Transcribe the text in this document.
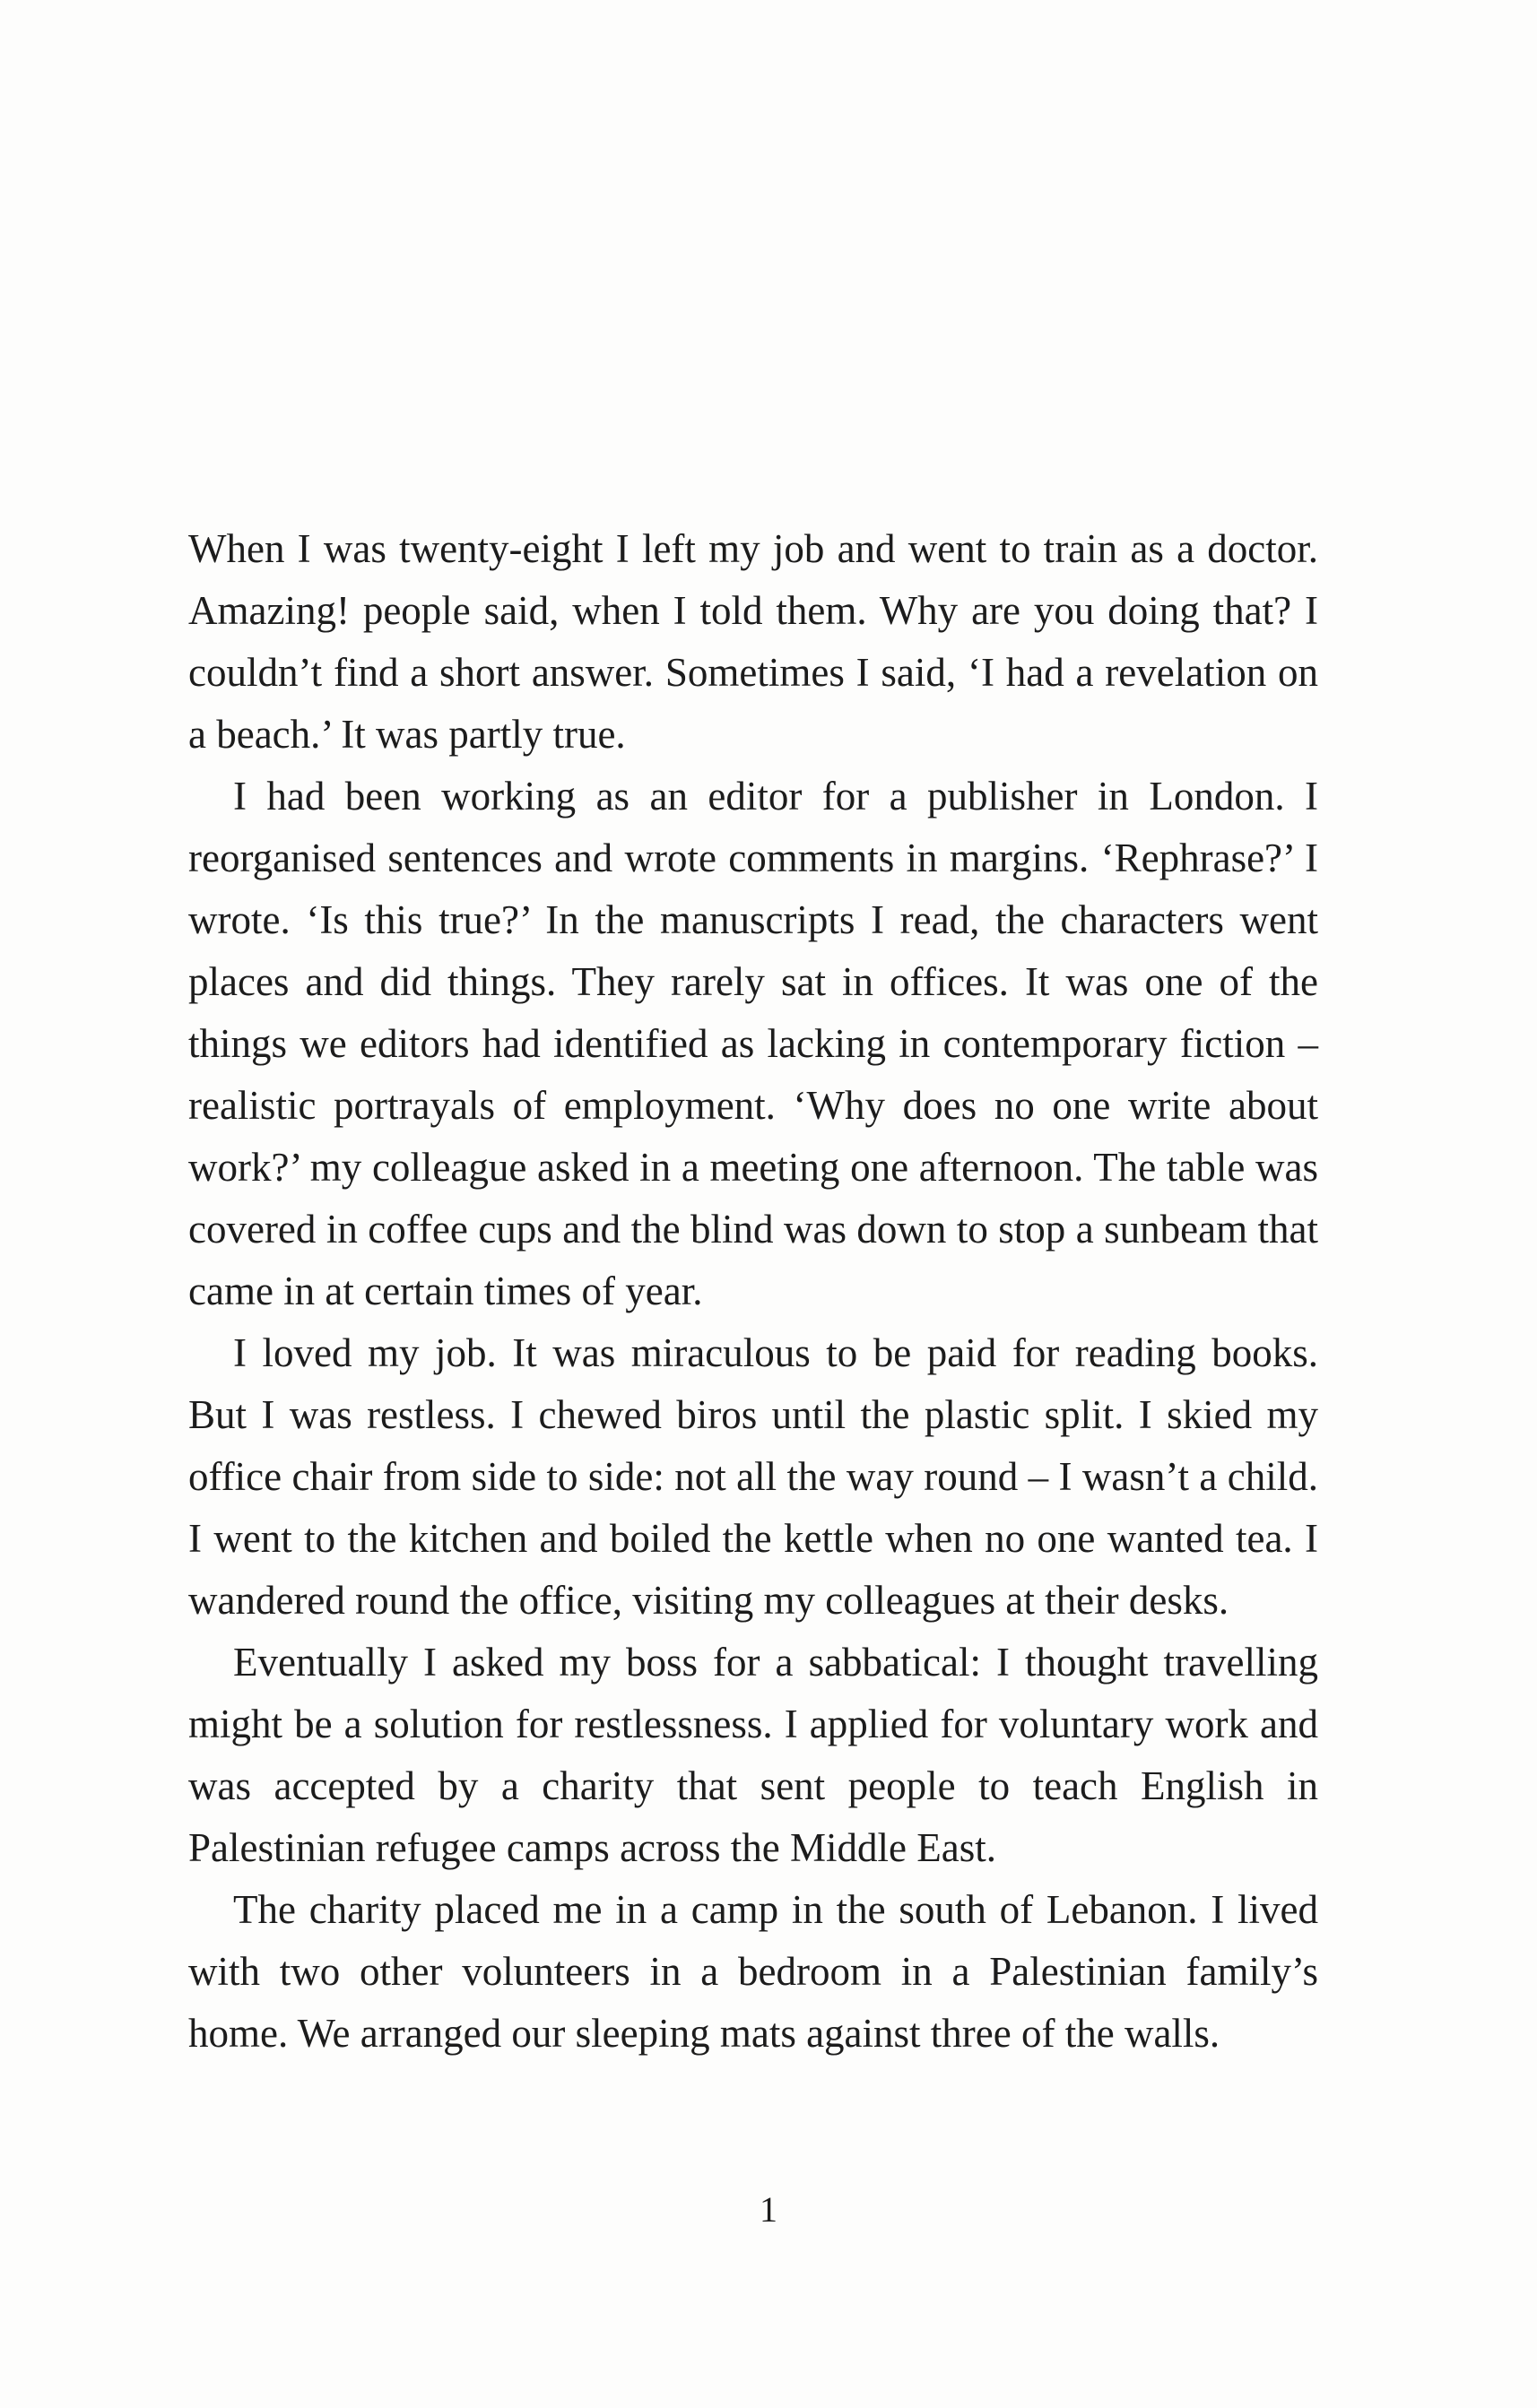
When I was twenty-eight I left my job and went to train as a doctor. Amazing! people said, when I told them. Why are you doing that? I couldn’t find a short answer. Sometimes I said, ‘I had a revelation on a beach.’ It was partly true.

I had been working as an editor for a publisher in London. I reorganised sentences and wrote comments in margins. ‘Rephrase?’ I wrote. ‘Is this true?’ In the manuscripts I read, the characters went places and did things. They rarely sat in offices. It was one of the things we editors had identified as lacking in contemporary fiction – realistic portrayals of employment. ‘Why does no one write about work?’ my colleague asked in a meeting one afternoon. The table was covered in coffee cups and the blind was down to stop a sunbeam that came in at certain times of year.

I loved my job. It was miraculous to be paid for reading books. But I was restless. I chewed biros until the plastic split. I skied my office chair from side to side: not all the way round – I wasn’t a child. I went to the kitchen and boiled the kettle when no one wanted tea. I wandered round the office, visiting my colleagues at their desks.

Eventually I asked my boss for a sabbatical: I thought travelling might be a solution for restlessness. I applied for voluntary work and was accepted by a charity that sent people to teach English in Palestinian refugee camps across the Middle East.

The charity placed me in a camp in the south of Lebanon. I lived with two other volunteers in a bedroom in a Palestinian family’s home. We arranged our sleeping mats against three of the walls.

1
